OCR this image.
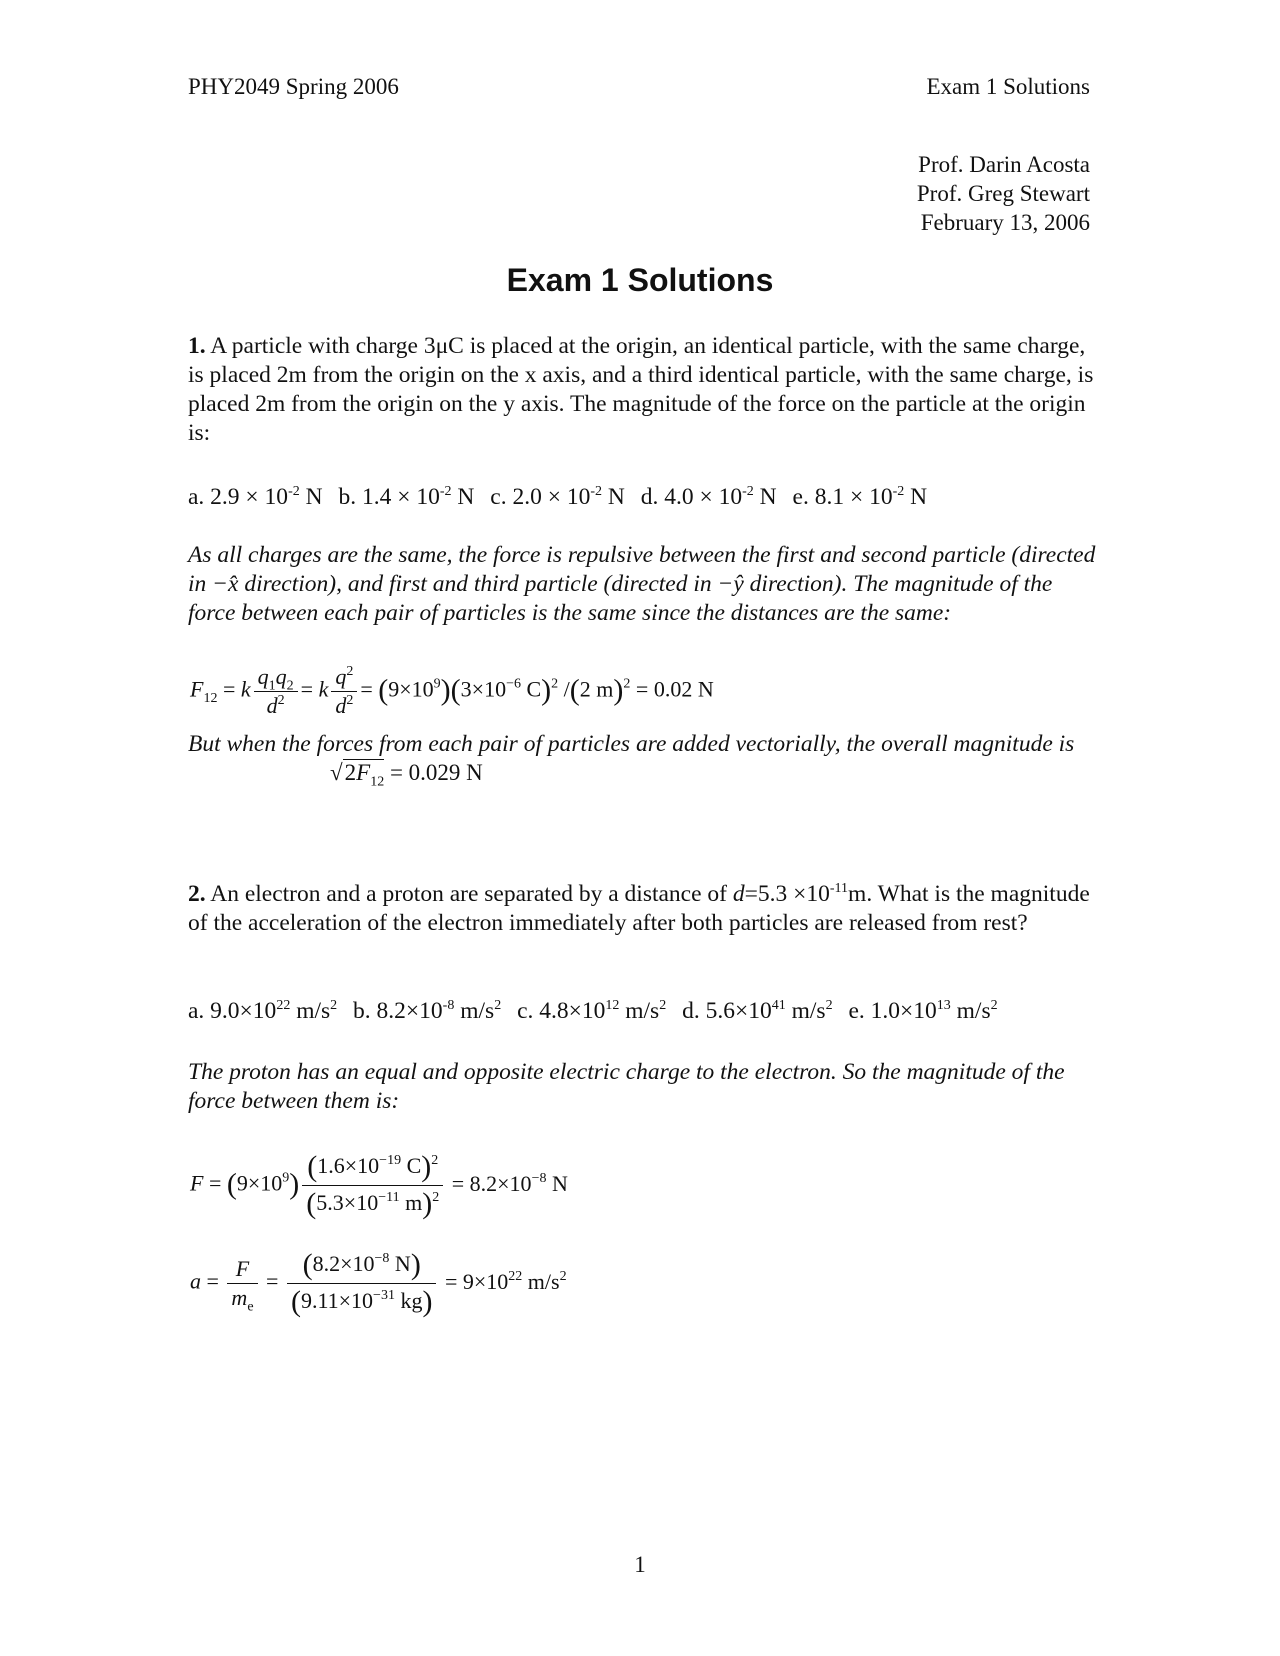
PHY2049 Spring 2006	Exam 1 Solutions
Prof. Darin Acosta
Prof. Greg Stewart
February 13, 2006
Exam 1 Solutions
1. A particle with charge 3μC is placed at the origin, an identical particle, with the same charge, is placed 2m from the origin on the x axis, and a third identical particle, with the same charge, is placed 2m from the origin on the y axis. The magnitude of the force on the particle at the origin is:
a. $2.9 \times 10^{-2}$ N b. $1.4 \times 10^{-2}$ N c. $2.0 \times 10^{-2}$ N d. $4.0 \times 10^{-2}$ N e. $8.1 \times 10^{-2}$ N
As all charges are the same, the force is repulsive between the first and second particle (directed in −x̂ direction), and first and third particle (directed in −ŷ direction). The magnitude of the force between each pair of particles is the same since the distances are the same:
$F_{12} = k \frac{q_1q_2}{d^2} = k \frac{q^2}{d^2} = (9\times 10^9)(3\times 10^{-6}$ C)$^2$ /(2 m)$^2$ = 0.02 N
But when the forces from each pair of particles are added vectorially, the overall magnitude is
$√2F_{12} = 0.029$ N
2. An electron and a proton are separated by a distance of $d=5.3 \times 10^{-11}m$. What is the magnitude of the acceleration of the electron immediately after both particles are released from rest?
a. $9.0\times 10^{22}$ $m/s^2$ b. $8.2\times 10^{-8}$ $m/s^2$ c. $4.8\times 10^{12}$ $m/s^2$ d. $5.6\times 10^{41}$ $m/s^2$ e. $1.0\times 10^{13}$ $m/s^2$
The proton has an equal and opposite electric charge to the electron. So the magnitude of the force between them is:
$F = (9\times 10^9) \frac{(1.6\times 10^{-19} C)^2}{(5.3\times 10^{-11} m)^2} = 8.2\times 10^{-8}$ N
$a = \frac{F}{m_e} = \frac{(8.2\times 10^{-8} N)}{(9.11\times 10^{-31} kg)} = 9\times 10^{22}$ $m/s^2$
1
